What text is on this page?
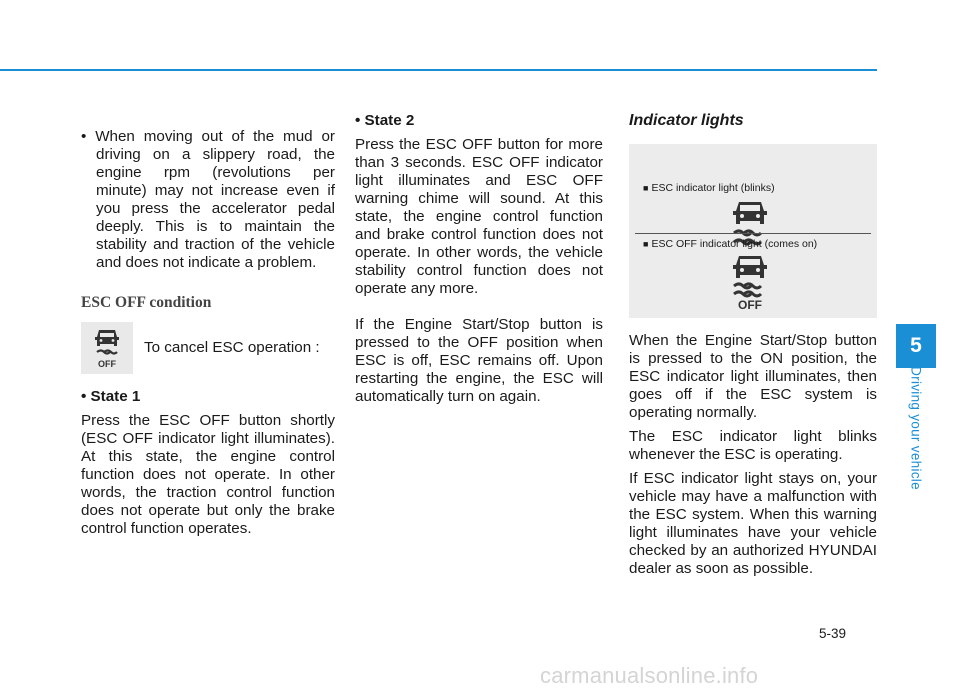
• When moving out of the mud or driving on a slippery road, the engine rpm (revolutions per minute) may not increase even if you press the accelerator pedal deeply. This is to maintain the stability and traction of the vehicle and does not indicate a problem.

ESC OFF condition

OFF
To cancel ESC operation :

• State 1

Press the ESC OFF button shortly (ESC OFF indicator light illuminates). At this state, the engine control function does not operate. In other words, the traction control function does not operate but only the brake control function operates.

• State 2

Press the ESC OFF button for more than 3 seconds. ESC OFF indicator light illuminates and ESC OFF warning chime will sound. At this state, the engine control function and brake control function does not operate. In other words, the vehicle stability control function does not operate any more.

If the Engine Start/Stop button is pressed to the OFF position when ESC is off, ESC remains off. Upon restarting the engine, the ESC will automatically turn on again.

Indicator lights

■ ESC indicator light (blinks)
■ ESC OFF indicator light (comes on)
OFF

When the Engine Start/Stop button is pressed to the ON position, the ESC indicator light illuminates, then goes off if the ESC system is operating normally.

The ESC indicator light blinks whenever the ESC is operating.

If ESC indicator light stays on, your vehicle may have a malfunction with the ESC system. When this warning light illuminates have your vehicle checked by an authorized HYUNDAI dealer as soon as possible.

5
Driving your vehicle
5-39
carmanualsonline.info
